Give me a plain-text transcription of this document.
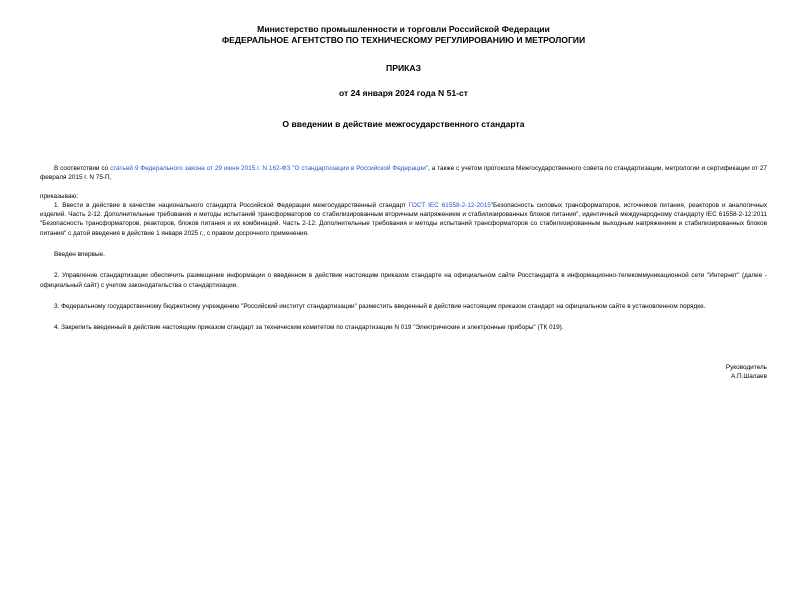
Министерство промышленности и торговли Российской Федерации
ФЕДЕРАЛЬНОЕ АГЕНТСТВО ПО ТЕХНИЧЕСКОМУ РЕГУЛИРОВАНИЮ И МЕТРОЛОГИИ
ПРИКАЗ
от 24 января 2024 года N 51-ст
О введении в действие межгосударственного стандарта

В соответствии со статьей 9 Федерального закона от 29 июня 2015 г. N 162-ФЗ "О стандартизации в Российской Федерации", а также с учетом протокола Межгосударственного совета по стандартизации, метрологии и сертификации от 27 февраля 2015 г. N 75-П,

приказываю:

1. Ввести в действие в качестве национального стандарта Российской Федерации межгосударственный стандарт ГОСТ IEC 61558-2-12-2015"Безопасность силовых трансформаторов, источников питания, реакторов и аналогичных изделий. Часть 2-12. Дополнительные требования и методы испытаний трансформаторов со стабилизированным вторичным напряжением и стабилизированных блоков питания", идентичный международному стандарту IEC 61558-2-12:2011 "Безопасность трансформаторов, реакторов, блоков питания и их комбинаций. Часть 2-12. Дополнительные требования и методы испытаний трансформаторов со стабилизированным выходным напряжением и стабилизированных блоков питания" с датой введения в действие 1 января 2025 г., с правом досрочного применения.

Введен впервые.

2. Управление стандартизации обеспечить размещение информации о введенном в действие настоящим приказом стандарте на официальном сайте Росстандарта в информационно-телекоммуникационной сети "Интернет" (далее - официальный сайт) с учетом законодательства о стандартизации.

3. Федеральному государственному бюджетному учреждению "Российский институт стандартизации" разместить введенный в действие настоящим приказом стандарт на официальном сайте в установленном порядке.

4. Закрепить введенный в действие настоящим приказом стандарт за техническим комитетом по стандартизации N 019 "Электрические и электронные приборы" (ТК 019).

Руководитель
А.П.Шалаев
